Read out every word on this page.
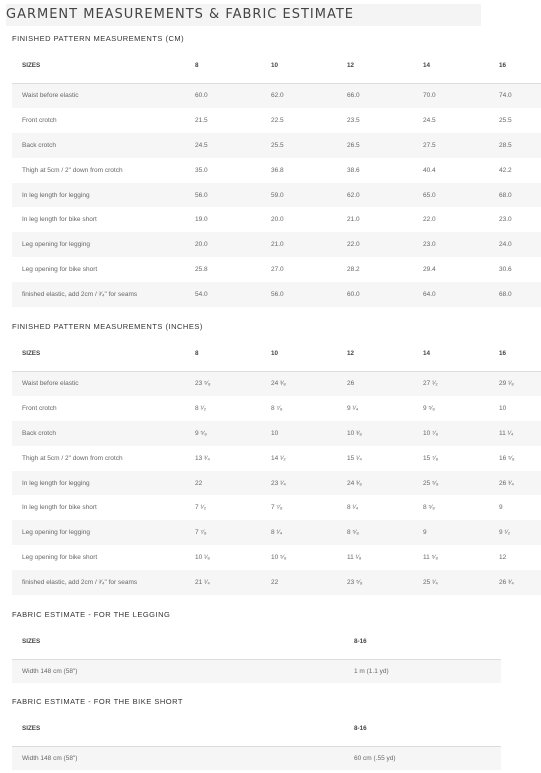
GARMENT MEASUREMENTS & FABRIC ESTIMATE
FINISHED PATTERN MEASUREMENTS (CM)
SIZES	8	10	12	14	16
Waist before elastic	60.0	62.0	66.0	70.0	74.0
Front crotch	21.5	22.5	23.5	24.5	25.5
Back crotch	24.5	25.5	26.5	27.5	28.5
Thigh at 5cm / 2" down from crotch	35.0	36.8	38.6	40.4	42.2
In leg length for legging	56.0	59.0	62.0	65.0	68.0
In leg length for bike short	19.0	20.0	21.0	22.0	23.0
Leg opening for legging	20.0	21.0	22.0	23.0	24.0
Leg opening for bike short	25.8	27.0	28.2	29.4	30.6
finished elastic, add 2cm / ³⁄₄" for seams	54.0	56.0	60.0	64.0	68.0
FINISHED PATTERN MEASUREMENTS (INCHES)
SIZES	8	10	12	14	16
Waist before elastic	23 ⁵⁄₈	24 ³⁄₈	26	27 ¹⁄₂	29 ¹⁄₈
Front crotch	8 ¹⁄₂	8 ⁷⁄₈	9 ¹⁄₄	9 ⁵⁄₈	10
Back crotch	9 ⁵⁄₈	10	10 ³⁄₈	10 ⁷⁄₈	11 ¹⁄₄
Thigh at 5cm / 2" down from crotch	13 ³⁄₄	14 ¹⁄₂	15 ¹⁄₄	15 ⁷⁄₈	16 ⁵⁄₈
In leg length for legging	22	23 ¹⁄₄	24 ³⁄₈	25 ⁵⁄₈	26 ³⁄₄
In leg length for bike short	7 ¹⁄₂	7 ⁷⁄₈	8 ¹⁄₄	8 ⁵⁄₈	9
Leg opening for legging	7 ⁷⁄₈	8 ¹⁄₄	8 ⁵⁄₈	9	9 ¹⁄₂
Leg opening for bike short	10 ¹⁄₈	10 ⁵⁄₈	11 ¹⁄₈	11 ⁵⁄₈	12
finished elastic, add 2cm / ³⁄₄" for seams	21 ¹⁄₄	22	23 ⁵⁄₈	25 ¹⁄₄	26 ³⁄₄
FABRIC ESTIMATE - FOR THE LEGGING
SIZES	8-16
Width 148 cm (58")	1 m (1.1 yd)
FABRIC ESTIMATE - FOR THE BIKE SHORT
SIZES	8-16
Width 148 cm (58")	60 cm (.55 yd)
